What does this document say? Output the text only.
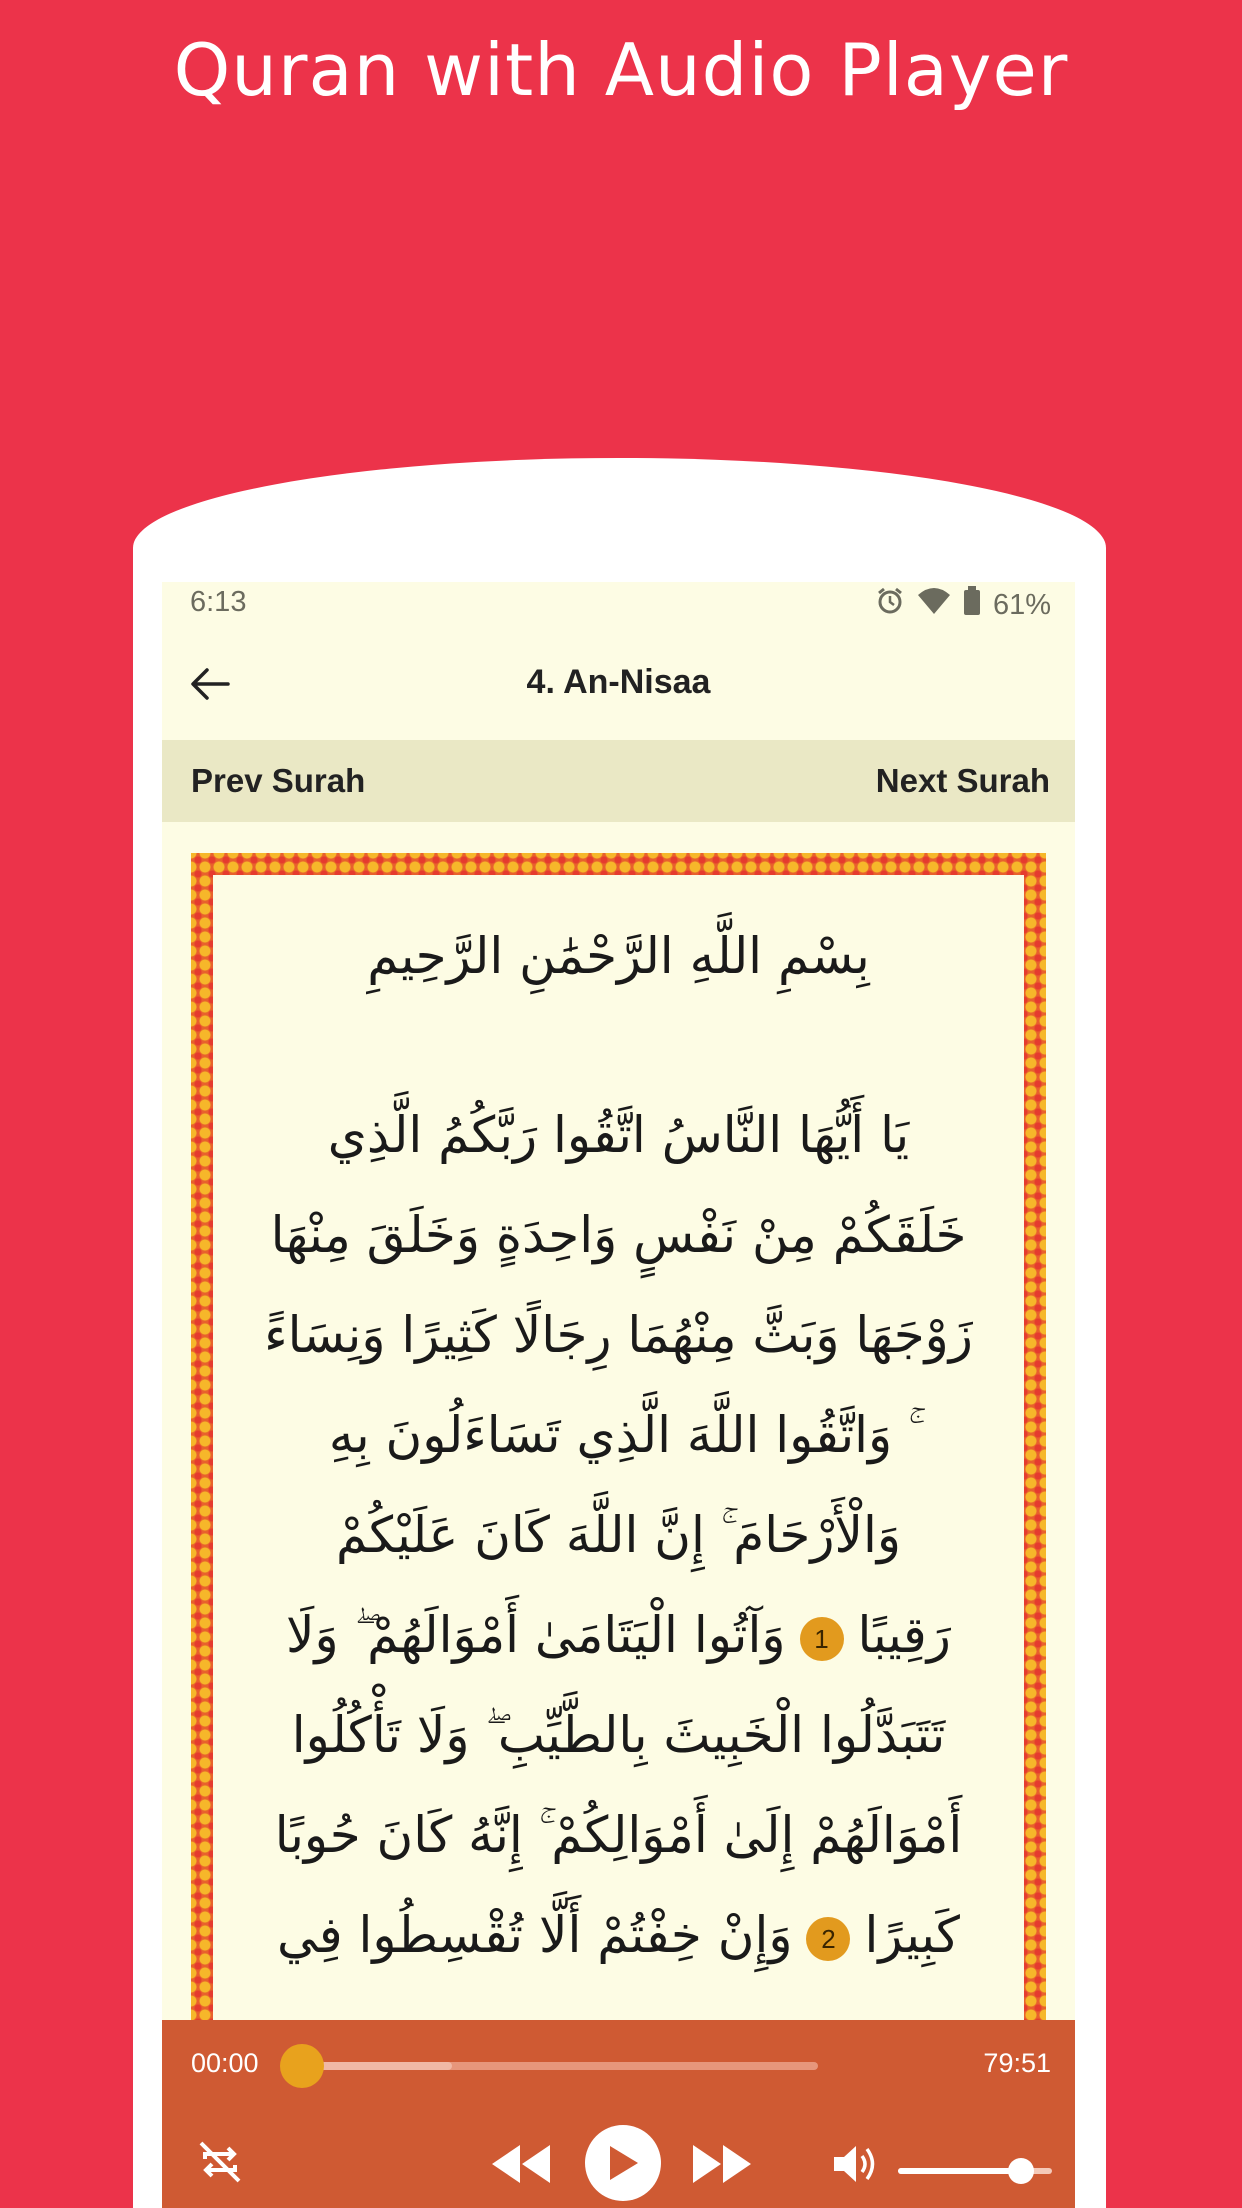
Quran with Audio Player
6:13	61%
4. An-Nisaa
Prev Surah	Next Surah
بِسْمِ اللَّهِ الرَّحْمَٰنِ الرَّحِيمِ
يَا أَيُّهَا النَّاسُ اتَّقُوا رَبَّكُمُ الَّذِي
خَلَقَكُمْ مِنْ نَفْسٍ وَاحِدَةٍ وَخَلَقَ مِنْهَا
زَوْجَهَا وَبَثَّ مِنْهُمَا رِجَالًا كَثِيرًا وَنِسَاءً
ۚ وَاتَّقُوا اللَّهَ الَّذِي تَسَاءَلُونَ بِهِ
وَالْأَرْحَامَ ۚ إِنَّ اللَّهَ كَانَ عَلَيْكُمْ
رَقِيبًا1وَآتُوا الْيَتَامَىٰ أَمْوَالَهُمْ ۖ وَلَا
تَتَبَدَّلُوا الْخَبِيثَ بِالطَّيِّبِ ۖ وَلَا تَأْكُلُوا
أَمْوَالَهُمْ إِلَىٰ أَمْوَالِكُمْ ۚ إِنَّهُ كَانَ حُوبًا
كَبِيرًا2وَإِنْ خِفْتُمْ أَلَّا تُقْسِطُوا فِي
00:00	79:51
